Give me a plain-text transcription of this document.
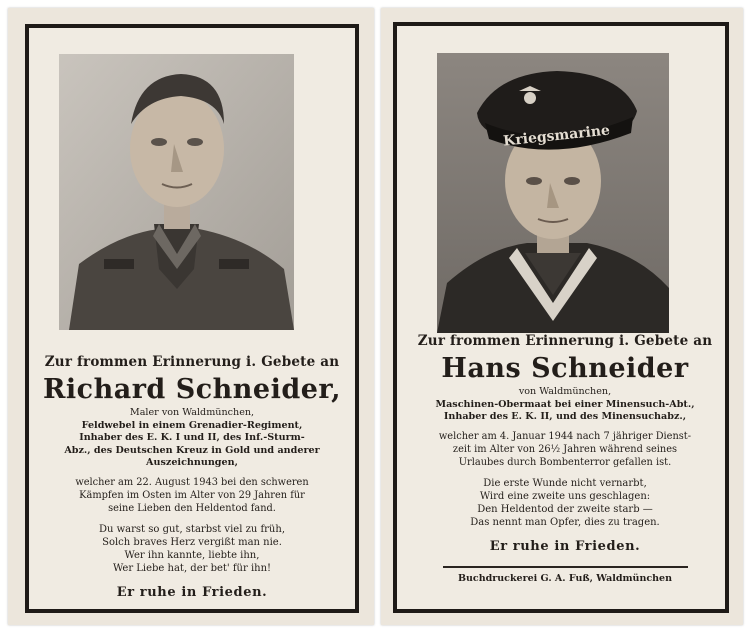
Zur frommen Erinnerung i. Gebete an

Richard Schneider,

Maler von Waldmünchen,

Feldwebel in einem Grenadier-Regiment,

Inhaber des E. K. I und II, des Inf.-Sturm-

Abz., des Deutschen Kreuz in Gold und anderer

Auszeichnungen,

welcher am 22. August 1943 bei den schweren
Kämpfen im Osten im Alter von 29 Jahren für
seine Lieben den Heldentod fand.
Du warst so gut, starbst viel zu früh,
Solch braves Herz vergißt man nie.
Wer ihn kannte, liebte ihn,
Wer Liebe hat, der bet' für ihn!

Er ruhe in Frieden.

Kriegsmarine

Zur frommen Erinnerung i. Gebete an

Hans Schneider

von Waldmünchen,

Maschinen-Obermaat bei einer Minensuch-Abt.,

Inhaber des E. K. II, und des Minensuchabz.,

welcher am 4. Januar 1944 nach 7 jähriger Dienst-
zeit im Alter von 26½ Jahren während seines
Urlaubes durch Bombenterror gefallen ist.
Die erste Wunde nicht vernarbt,
Wird eine zweite uns geschlagen:
Den Heldentod der zweite starb —
Das nennt man Opfer, dies zu tragen.

Er ruhe in Frieden.

Buchdruckerei G. A. Fuß, Waldmünchen
